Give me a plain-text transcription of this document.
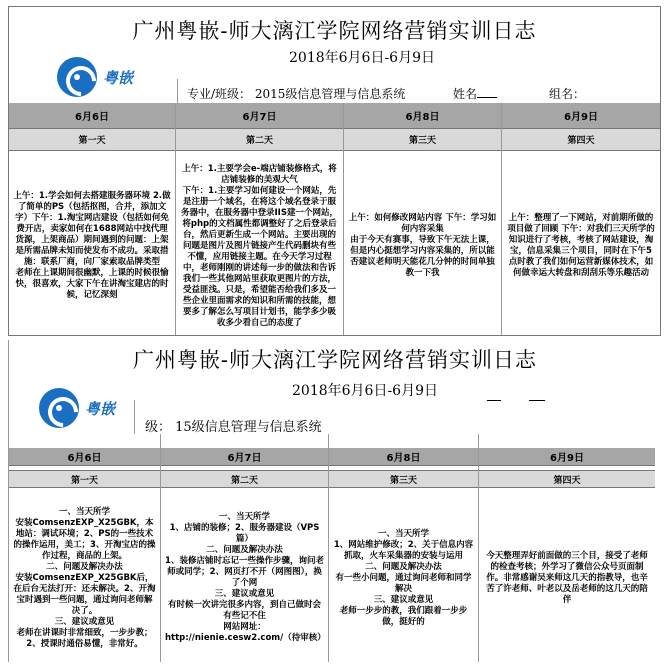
广州粤嵌-师大漓江学院网络营销实训日志
2018年6月6日-6月9日
粤嵌
专业/班级： 2015级信息管理与信息系统	姓名	组名：
6月6日
第一天

上午：1.学会如何去搭建服务器环境 2.做了简单的PS（包括抠图，合并，添加文字）下午：1.淘宝网店建设（包括如何免费开店，卖家如何在1688网站中找代理货源，上架商品）期间遇到的问题：上架是所需品牌未知而使发布不成功。采取措施：联系厂商，向厂家索取品牌类型
老师在上课期间很幽默，上课的时候很愉快，很喜欢，大家下午在讲淘宝建店的时候，记忆深刻

6月7日
第二天

上午：1.主要学会e-端店铺装修格式，将店铺装修的美观大气
下午：1.主要学习如何建设一个网站，先是注册一个域名，在将这个域名登录于服务器中，在服务器中登录IIS建一个网站，将php的文档属性都调整好了之后登录后台，然后更新生成一个网站。主要出现的问题是图片及图片链接产生代码删块有些不懂，应用链接主题。在今天学习过程中，老师刚刚的讲述每一步的做法和告诉我们一些其他网站里获取更图片的方法，受益匪浅。只是，希望能否给我们多及一些企业里面需求的知识和所需的技能，想要多了解怎么写项目计划书，能学多少吸收多少看自己的态度了

6月8日
第三天

上午：如何修改网站内容 下午：学习如何内容采集
由于今天有赛事，导致下午无法上课，但是内心挺想学习内容采集的，所以能否建议老师明天能花几分钟的时间单独教一下我

6月9日
第四天

上午：整理了一下网站，对前期所做的项目做了回顾 下午：对我们三天所学的知识进行了考核，考核了网站建设，淘宝，信息采集三个项目，同时在下午5点时教了我们如何运营新媒体技术，如何做幸运大转盘和刮刮乐等乐趣活动

广州粤嵌-师大漓江学院网络营销实训日志
2018年6月6日-6月9日
粤嵌
级： 15级信息管理与信息系统
6月6日
第一天

一、当天所学
安装ComsenzEXP_X25GBK，本地站：调试环境；2、PS的一些技术的操作运用，美工；3、开淘宝店的操作过程，商品的上架。
二、问题及解决办法
安装ComsenzEXP_X25GBK后，在后台无法打开：还未解决。2、开淘宝时遇到一些问题，通过询问老师解决了。
三、建议或意见
老师在讲课时非常细致，一步步教；2、授课时通俗易懂，非常好。

6月7日
第二天

一、当天所学
1、店铺的装修；2、服务器建设（VPS篇）
二、问题及解决办法
1、装修店铺时忘记一些操作步骤，询问老师或同学；2、网页打不开（网图图），换了个网
三、建议或意见
有时候一次讲完很多内容，到自己做时会有些记不住
网站网址：
http://nienie.cesw2.com/（待审核）

6月8日
第三天

一、当天所学
1、网站维护修改；2、关于信息内容抓取，火车采集器的安装与运用
二、问题及解决办法
有一些小问题，通过询问老师和同学解决
三、建议或意见
老师一步步的教，我们跟着一步步做，挺好的

6月9日
第四天

今天整理弄好前面做的三个目，接受了老师的检查考核；外学习了微信公众号页面制作。非常感谢吴来师这几天的指教导，也辛苦了许老师、叶老以及岳老师的这几天的陪伴
